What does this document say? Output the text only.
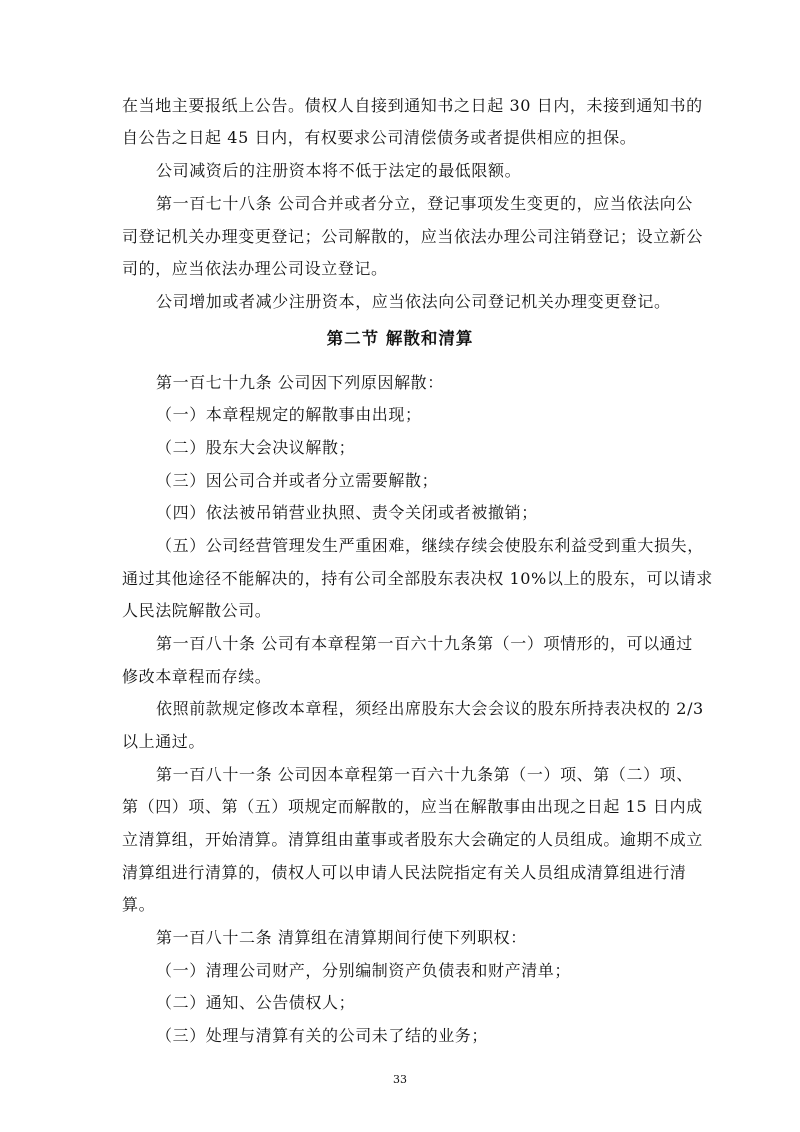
在当地主要报纸上公告。债权人自接到通知书之日起 30 日内，未接到通知书的
自公告之日起 45 日内，有权要求公司清偿债务或者提供相应的担保。
公司减资后的注册资本将不低于法定的最低限额。
第一百七十八条 公司合并或者分立，登记事项发生变更的，应当依法向公
司登记机关办理变更登记；公司解散的，应当依法办理公司注销登记；设立新公
司的，应当依法办理公司设立登记。
公司增加或者减少注册资本，应当依法向公司登记机关办理变更登记。
第二节 解散和清算
第一百七十九条 公司因下列原因解散：
（一）本章程规定的解散事由出现；
（二）股东大会决议解散；
（三）因公司合并或者分立需要解散；
（四）依法被吊销营业执照、责令关闭或者被撤销；
（五）公司经营管理发生严重困难，继续存续会使股东利益受到重大损失，
通过其他途径不能解决的，持有公司全部股东表决权 10%以上的股东，可以请求
人民法院解散公司。
第一百八十条 公司有本章程第一百六十九条第（一）项情形的，可以通过
修改本章程而存续。
依照前款规定修改本章程，须经出席股东大会会议的股东所持表决权的 2/3
以上通过。
第一百八十一条 公司因本章程第一百六十九条第（一）项、第（二）项、
第（四）项、第（五）项规定而解散的，应当在解散事由出现之日起 15 日内成
立清算组，开始清算。清算组由董事或者股东大会确定的人员组成。逾期不成立
清算组进行清算的，债权人可以申请人民法院指定有关人员组成清算组进行清
算。
第一百八十二条 清算组在清算期间行使下列职权：
（一）清理公司财产，分别编制资产负债表和财产清单；
（二）通知、公告债权人；
（三）处理与清算有关的公司未了结的业务；
33
